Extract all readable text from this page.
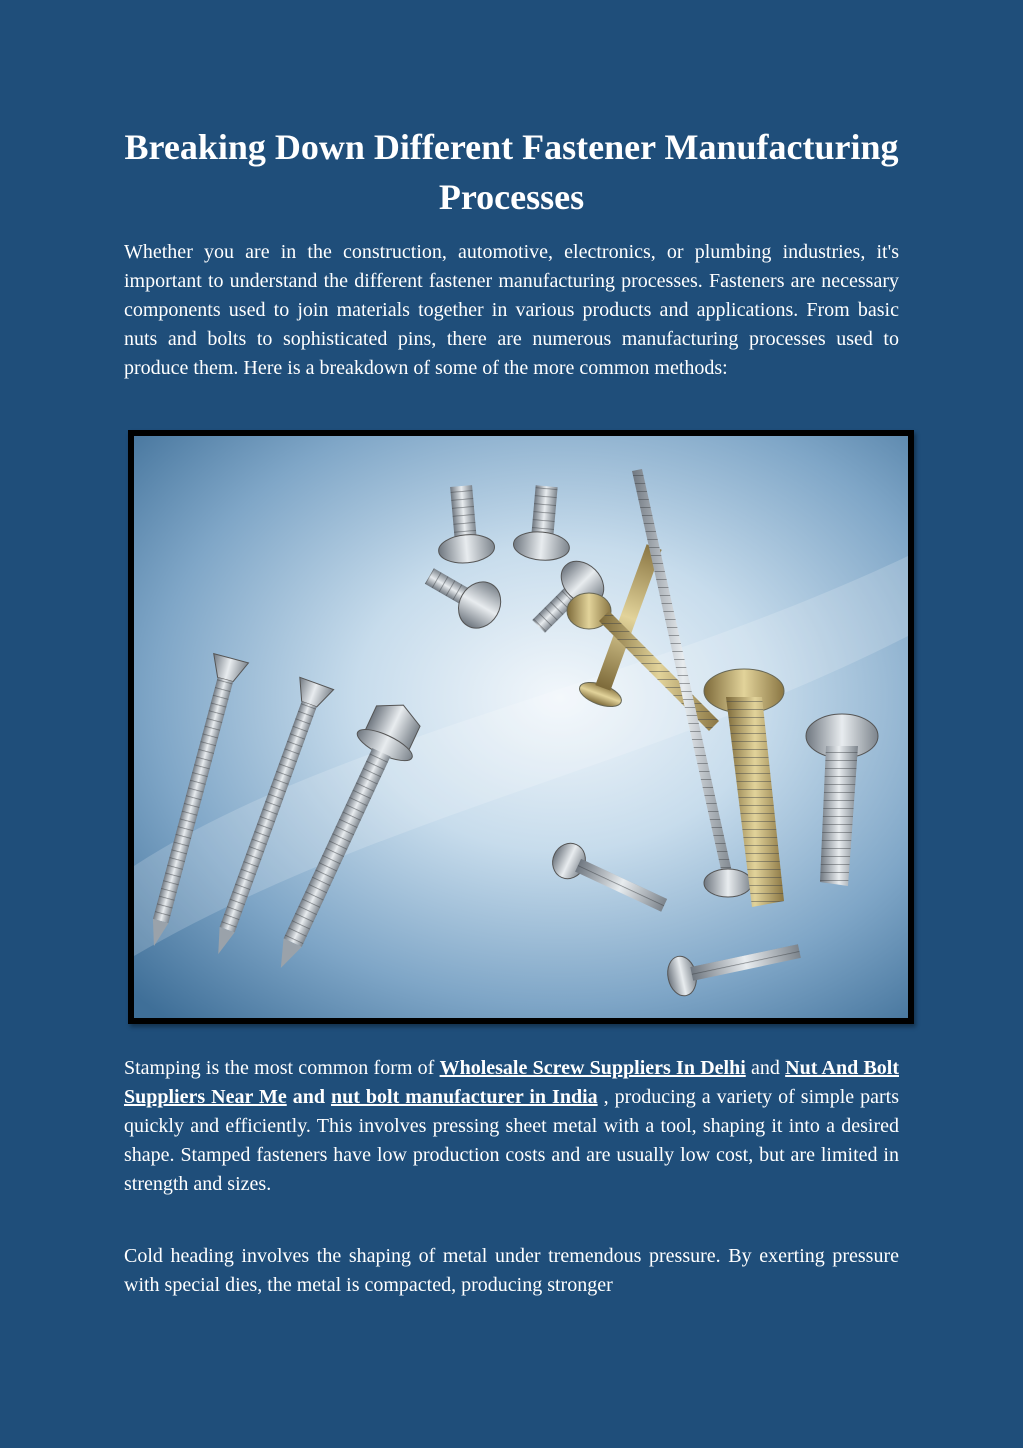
Breaking Down Different Fastener Manufacturing Processes

Whether you are in the construction, automotive, electronics, or plumbing industries, it's important to understand the different fastener manufacturing processes. Fasteners are necessary components used to join materials together in various products and applications. From basic nuts and bolts to sophisticated pins, there are numerous manufacturing processes used to produce them. Here is a breakdown of some of the more common methods:

Stamping is the most common form of Wholesale Screw Suppliers In Delhi and Nut And Bolt Suppliers Near Me and nut bolt manufacturer in India , producing a variety of simple parts quickly and efficiently. This involves pressing sheet metal with a tool, shaping it into a desired shape. Stamped fasteners have low production costs and are usually low cost, but are limited in strength and sizes.

Cold heading involves the shaping of metal under tremendous pressure. By exerting pressure with special dies, the metal is compacted, producing stronger
